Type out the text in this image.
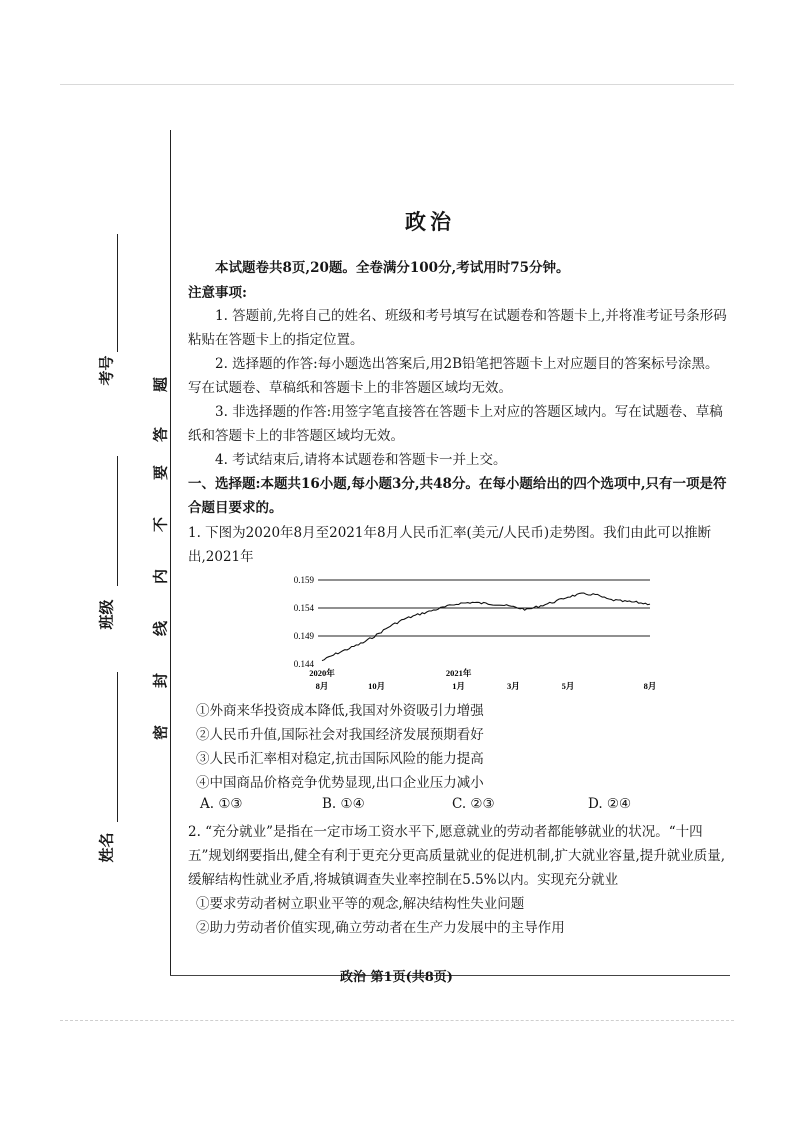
考号
班级
姓名
密
封
线
内
不
要
答
题
政治
本试题卷共8页,20题。全卷满分100分,考试用时75分钟。
注意事项:
1. 答题前,先将自己的姓名、班级和考号填写在试题卷和答题卡上,并将准考证号条形码粘贴在答题卡上的指定位置。
2. 选择题的作答:每小题选出答案后,用2B铅笔把答题卡上对应题目的答案标号涂黑。写在试题卷、草稿纸和答题卡上的非答题区域均无效。
3. 非选择题的作答:用签字笔直接答在答题卡上对应的答题区域内。写在试题卷、草稿纸和答题卡上的非答题区域均无效。
4. 考试结束后,请将本试题卷和答题卡一并上交。
一、选择题:本题共16小题,每小题3分,共48分。在每小题给出的四个选项中,只有一项是符合题目要求的。
1. 下图为2020年8月至2021年8月人民币汇率(美元/人民币)走势图。我们由此可以推断出,2021年
0.159
0.154
0.149
0.144
2020年
8月	10月
2021年
1月	3月	5月	8月
①外商来华投资成本降低,我国对外资吸引力增强
②人民币升值,国际社会对我国经济发展预期看好
③人民币汇率相对稳定,抗击国际风险的能力提高
④中国商品价格竞争优势显现,出口企业压力减小
A. ①③	B. ①④	C. ②③	D. ②④
2. “充分就业”是指在一定市场工资水平下,愿意就业的劳动者都能够就业的状况。“十四五”规划纲要指出,健全有利于更充分更高质量就业的促进机制,扩大就业容量,提升就业质量,缓解结构性就业矛盾,将城镇调查失业率控制在5.5%以内。实现充分就业
①要求劳动者树立职业平等的观念,解决结构性失业问题
②助力劳动者价值实现,确立劳动者在生产力发展中的主导作用
政治 第1页(共8页)
